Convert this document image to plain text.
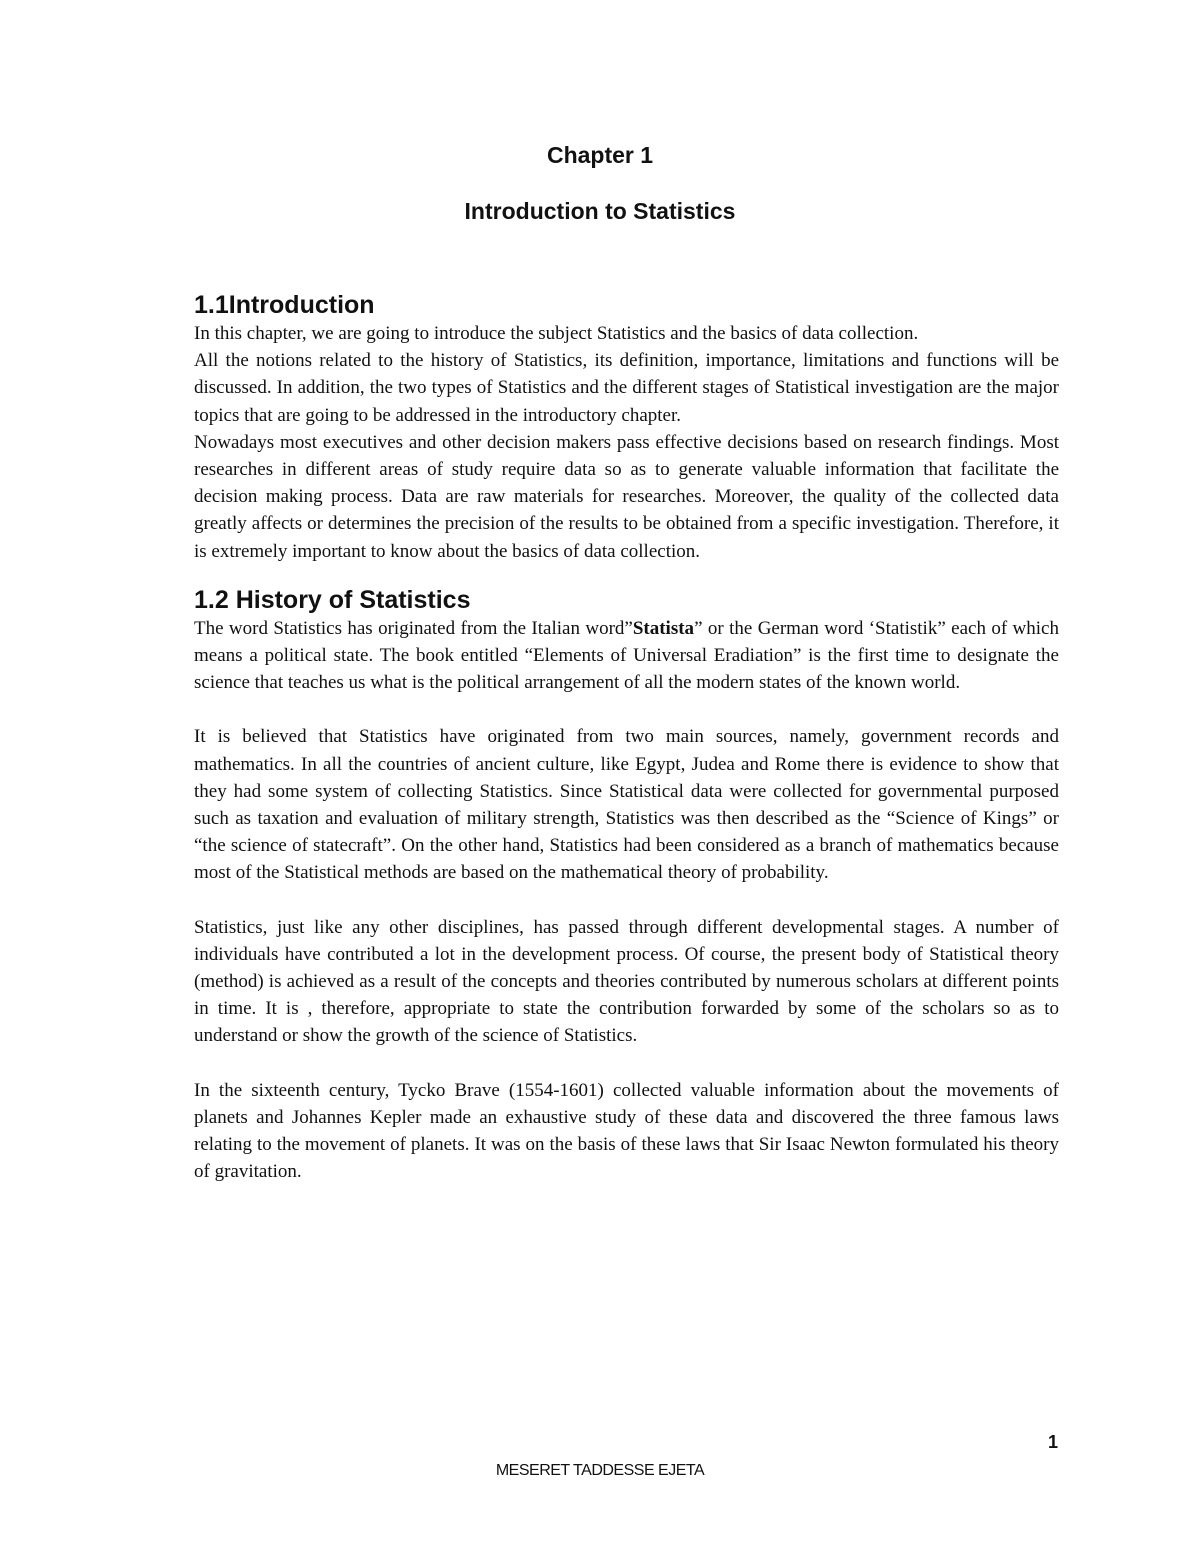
Chapter 1
Introduction to Statistics
1.1Introduction

In this chapter, we are going to introduce the subject Statistics and the basics of data collection.

All the notions related to the history of Statistics, its definition, importance, limitations and functions will be discussed. In addition, the two types of Statistics and the different stages of Statistical investigation are the major topics that are going to be addressed in the introductory chapter.

Nowadays most executives and other decision makers pass effective decisions based on research findings. Most researches in different areas of study require data so as to generate valuable information that facilitate the decision making process. Data are raw materials for researches. Moreover, the quality of the collected data greatly affects or determines the precision of the results to be obtained from a specific investigation. Therefore, it is extremely important to know about the basics of data collection.

1.2 History of Statistics

The word Statistics has originated from the Italian word”Statista” or the German word ‘Statistik” each of which means a political state. The book entitled “Elements of Universal Eradiation” is the first time to designate the science that teaches us what is the political arrangement of all the modern states of the known world.

It is believed that Statistics have originated from two main sources, namely, government records and mathematics. In all the countries of ancient culture, like Egypt, Judea and Rome there is evidence to show that they had some system of collecting Statistics. Since Statistical data were collected for governmental purposed such as taxation and evaluation of military strength, Statistics was then described as the “Science of Kings” or “the science of statecraft”. On the other hand, Statistics had been considered as a branch of mathematics because most of the Statistical methods are based on the mathematical theory of probability.

Statistics, just like any other disciplines, has passed through different developmental stages. A number of individuals have contributed a lot in the development process. Of course, the present body of Statistical theory (method) is achieved as a result of the concepts and theories contributed by numerous scholars at different points in time. It is , therefore, appropriate to state the contribution forwarded by some of the scholars so as to understand or show the growth of the science of Statistics.

In the sixteenth century, Tycko Brave (1554-1601) collected valuable information about the movements of planets and Johannes Kepler made an exhaustive study of these data and discovered the three famous laws relating to the movement of planets. It was on the basis of these laws that Sir Isaac Newton formulated his theory of gravitation.

1

MESERET TADDESSE EJETA
